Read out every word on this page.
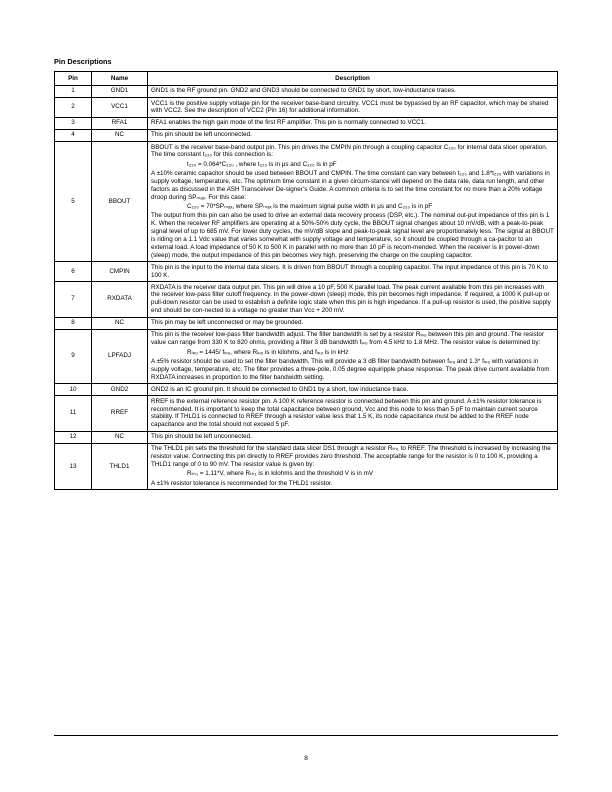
Pin Descriptions
Pin	Name	Description
1	GND1	GND1 is the RF ground pin. GND2 and GND3 should be connected to GND1 by short, low-inductance traces.

2	VCC1	VCC1 is the positive supply voltage pin for the receiver base-band circuitry. VCC1 must be bypassed by an RF capacitor, which may be shared with VCC2. See the description of VCC2 (Pin 16) for additional information.

3	RFA1	RFA1 enables the high gain mode of the first RF amplifier. This pin is normally connected to VCC1.

4	NC	This pin should be left unconnected.

5	BBOUT	BBOUT is the receiver base-band output pin. This pin drives the CMPIN pin through a coupling capacitor C₂₂₀ for internal data slicer operation. The time constant t₂₂₀ for this connection is:

t₂₂₀ = 0.064*C₂₂₀ , where t₂₂₀ is in μs and C₂₂₀ is in pF

A ±10% ceramic capacitor should be used between BBOUT and CMPIN. The time constant can vary between t₂₂₀ and 1.8*t₂₂₀ with variations in supply voltage, temperature, etc. The optimum time constant in a given circum-stance will depend on the data rate, data run length, and other factors as discussed in the ASH Transceiver De-signer’s Guide. A common criteria is to set the time constant for no more than a 20% voltage droop during SPₘₐₓ. For this case:

C₂₂₀ = 70*SPₘₐₓ, where SPₘₐₓ is the maximum signal pulse width in μs and C₂₂₀ is in pF

The output from this pin can also be used to drive an external data recovery process (DSP, etc.). The nominal out-put impedance of this pin is 1 K. When the receiver RF amplifiers are operating at a 50%-50% duty cycle, the BBOUT signal changes about 10 mV/dB, with a peak-to-peak signal level of up to 685 mV. For lower duty cycles, the mV/dB slope and peak-to-peak signal level are proportionately less. The signal at BBOUT is riding on a 1.1 Vdc value that varies somewhat with supply voltage and temperature, so it should be coupled through a ca-pacitor to an external load. A load impedance of 50 K to 500 K in parallel with no more than 10 pF is recom-mended. When the receiver is in power-down (sleep) mode, the output impedance of this pin becomes very high, preserving the charge on the coupling capacitor.

6	CMPIN	This pin is the input to the internal data slicers. It is driven from BBOUT through a coupling capacitor. The input impedance of this pin is 70 K to 100 K.

7	RXDATA	RXDATA is the receiver data output pin. This pin will drive a 10 pF, 500 K parallel load. The peak current available from this pin increases with the receiver low-pass filter cutoff frequency. In the power-down (sleep) mode, this pin becomes high impedance. If required, a 1000 K pull-up or pull-down resistor can be used to establish a definite logic state when this pin is high impedance. If a pull-up resistor is used, the positive supply end should be con-nected to a voltage no greater than Vcc + 200 mV.

8	NC	This pin may be left unconnected or may be grounded.

9	LPFADJ	This pin is the receiver low-pass filter bandwidth adjust. The filter bandwidth is set by a resistor Rₗₚₒ between this pin and ground. The resistor value can range from 330 K to 820 ohms, providing a filter 3 dB bandwidth fₗₚₒ from 4.5 kHz to 1.8 MHz. The resistor value is determined by:

Rₗₚₒ = 1445/ fₗₚₒ, where Rₗₚₒ is in kilohms, and fₗₚₒ is in kHz

A ±5% resistor should be used to set the filter bandwidth. This will provide a 3 dB filter bandwidth between fₗₚₒ and 1.3* fₗₚₒ with variations in supply voltage, temperature, etc. The filter provides a three-pole, 0.05 degree equiripple phase response. The peak drive current available from RXDATA increases in proportion to the filter bandwidth setting.

10	GND2	GND2 is an IC ground pin. It should be connected to GND1 by a short, low inductance trace.

11	RREF	RREF is the external reference resistor pin. A 100 K reference resistor is connected between this pin and ground. A ±1% resistor tolerance is recommended. It is important to keep the total capacitance between ground, Vcc and this node to less than 5 pF to maintain current source stability. If THLD1 is connected to RREF through a resistor value less that 1.5 K, its node capacitance must be added to the RREF node capacitance and the total should not exceed 5 pF.

12	NC	This pin should be left unconnected.

13	THLD1	The THLD1 pin sets the threshold for the standard data slicer DS1 through a resistor Rₜₕ₁ to RREF. The threshold is increased by increasing the resistor value. Connecting this pin directly to RREF provides zero threshold. The acceptable range for the resistor is 0 to 100 K, providing a THLD1 range of 0 to 90 mV. The resistor value is given by:

Rₜₕ₁ = 1.11*V, where Rₜₕ₁ is in kilohms and the threshold V is in mV

A ±1% resistor tolerance is recommended for the THLD1 resistor.

8
